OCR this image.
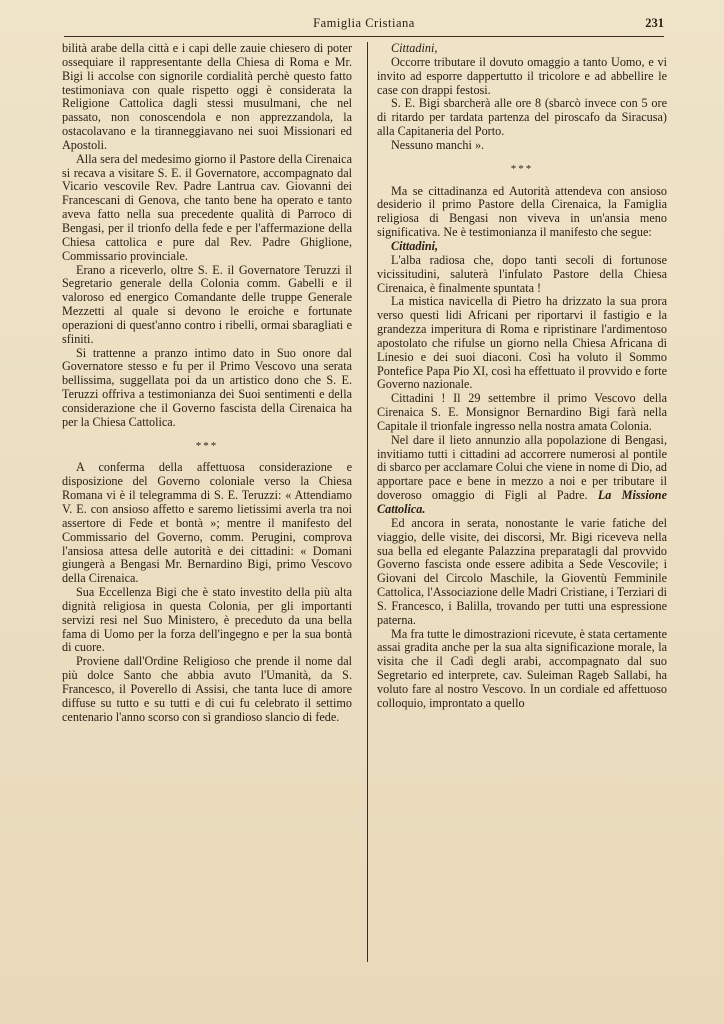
Famiglia Cristiana	231

bilità arabe della città e i capi delle zauie chiesero di poter ossequiare il rappresentante della Chiesa di Roma e Mr. Bigi li accolse con signorile cordialità perchè questo fatto testimoniava con quale rispetto oggi è considerata la Religione Cattolica dagli stessi musulmani, che nel passato, non conoscendola e non apprezzandola, la ostacolavano e la tiranneggiavano nei suoi Missionari ed Apostoli.

Alla sera del medesimo giorno il Pastore della Cirenaica si recava a visitare S. E. il Governatore, accompagnato dal Vicario vescovile Rev. Padre Lantrua cav. Giovanni dei Francescani di Genova, che tanto bene ha operato e tanto aveva fatto nella sua precedente qualità di Parroco di Bengasi, per il trionfo della fede e per l'affermazione della Chiesa cattolica e pure dal Rev. Padre Ghiglione, Commissario provinciale.

Erano a riceverlo, oltre S. E. il Governatore Teruzzi il Segretario generale della Colonia comm. Gabelli e il valoroso ed energico Comandante delle truppe Generale Mezzetti al quale si devono le eroiche e fortunate operazioni di quest'anno contro i ribelli, ormai sbaragliati e sfiniti.

Si trattenne a pranzo intimo dato in Suo onore dal Governatore stesso e fu per il Primo Vescovo una serata bellissima, suggellata poi da un artistico dono che S. E. Teruzzi offriva a testimonianza dei Suoi sentimenti e della considerazione che il Governo fascista della Cirenaica ha per la Chiesa Cattolica.

***

A conferma della affettuosa considerazione e disposizione del Governo coloniale verso la Chiesa Romana vi è il telegramma di S. E. Teruzzi: « Attendiamo V. E. con ansioso affetto e saremo lietissimi averla tra noi assertore di Fede et bontà »; mentre il manifesto del Commissario del Governo, comm. Perugini, comprova l'ansiosa attesa delle autorità e dei cittadini: « Domani giungerà a Bengasi Mr. Bernardino Bigi, primo Vescovo della Cirenaica.

Sua Eccellenza Bigi che è stato investito della più alta dignità religiosa in questa Colonia, per gli importanti servizi resi nel Suo Ministero, è preceduto da una bella fama di Uomo per la forza dell'ingegno e per la sua bontà di cuore.

Proviene dall'Ordine Religioso che prende il nome dal più dolce Santo che abbia avuto l'Umanità, da S. Francesco, il Poverello di Assisi, che tanta luce di amore diffuse su tutto e su tutti e di cui fu celebrato il settimo centenario l'anno scorso con sì grandioso slancio di fede.

Cittadini,

Occorre tributare il dovuto omaggio a tanto Uomo, e vi invito ad esporre dappertutto il tricolore e ad abbellire le case con drappi festosi.

S. E. Bigi sbarcherà alle ore 8 (sbarcò invece con 5 ore di ritardo per tardata partenza del piroscafo da Siracusa) alla Capitaneria del Porto.

Nessuno manchi ».

***

Ma se cittadinanza ed Autorità attendeva con ansioso desiderio il primo Pastore della Cirenaica, la Famiglia religiosa di Bengasi non viveva in un'ansia meno significativa. Ne è testimonianza il manifesto che segue:

Cittadini,

L'alba radiosa che, dopo tanti secoli di fortunose vicissitudini, saluterà l'infulato Pastore della Chiesa Cirenaica, è finalmente spuntata !

La mistica navicella di Pietro ha drizzato la sua prora verso questi lidi Africani per riportarvi il fastigio e la grandezza imperitura di Roma e ripristinare l'ardimentoso apostolato che rifulse un giorno nella Chiesa Africana di Linesio e dei suoi diaconi. Così ha voluto il Sommo Pontefice Papa Pio XI, così ha effettuato il provvido e forte Governo nazionale.

Cittadini ! Il 29 settembre il primo Vescovo della Cirenaica S. E. Monsignor Bernardino Bigi farà nella Capitale il trionfale ingresso nella nostra amata Colonia.

Nel dare il lieto annunzio alla popolazione di Bengasi, invitiamo tutti i cittadini ad accorrere numerosi al pontile di sbarco per acclamare Colui che viene in nome di Dio, ad apportare pace e bene in mezzo a noi e per tributare il doveroso omaggio di Figli al Padre. La Missione Cattolica.

Ed ancora in serata, nonostante le varie fatiche del viaggio, delle visite, dei discorsi, Mr. Bigi riceveva nella sua bella ed elegante Palazzina preparatagli dal provvido Governo fascista onde essere adibita a Sede Vescovile; i Giovani del Circolo Maschile, la Gioventù Femminile Cattolica, l'Associazione delle Madri Cristiane, i Terziari di S. Francesco, i Balilla, trovando per tutti una espressione paterna.

Ma fra tutte le dimostrazioni ricevute, è stata certamente assai gradita anche per la sua alta significazione morale, la visita che il Cadì degli arabi, accompagnato dal suo Segretario ed interprete, cav. Suleiman Rageb Sallabi, ha voluto fare al nostro Vescovo. In un cordiale ed affettuoso colloquio, improntato a quello
